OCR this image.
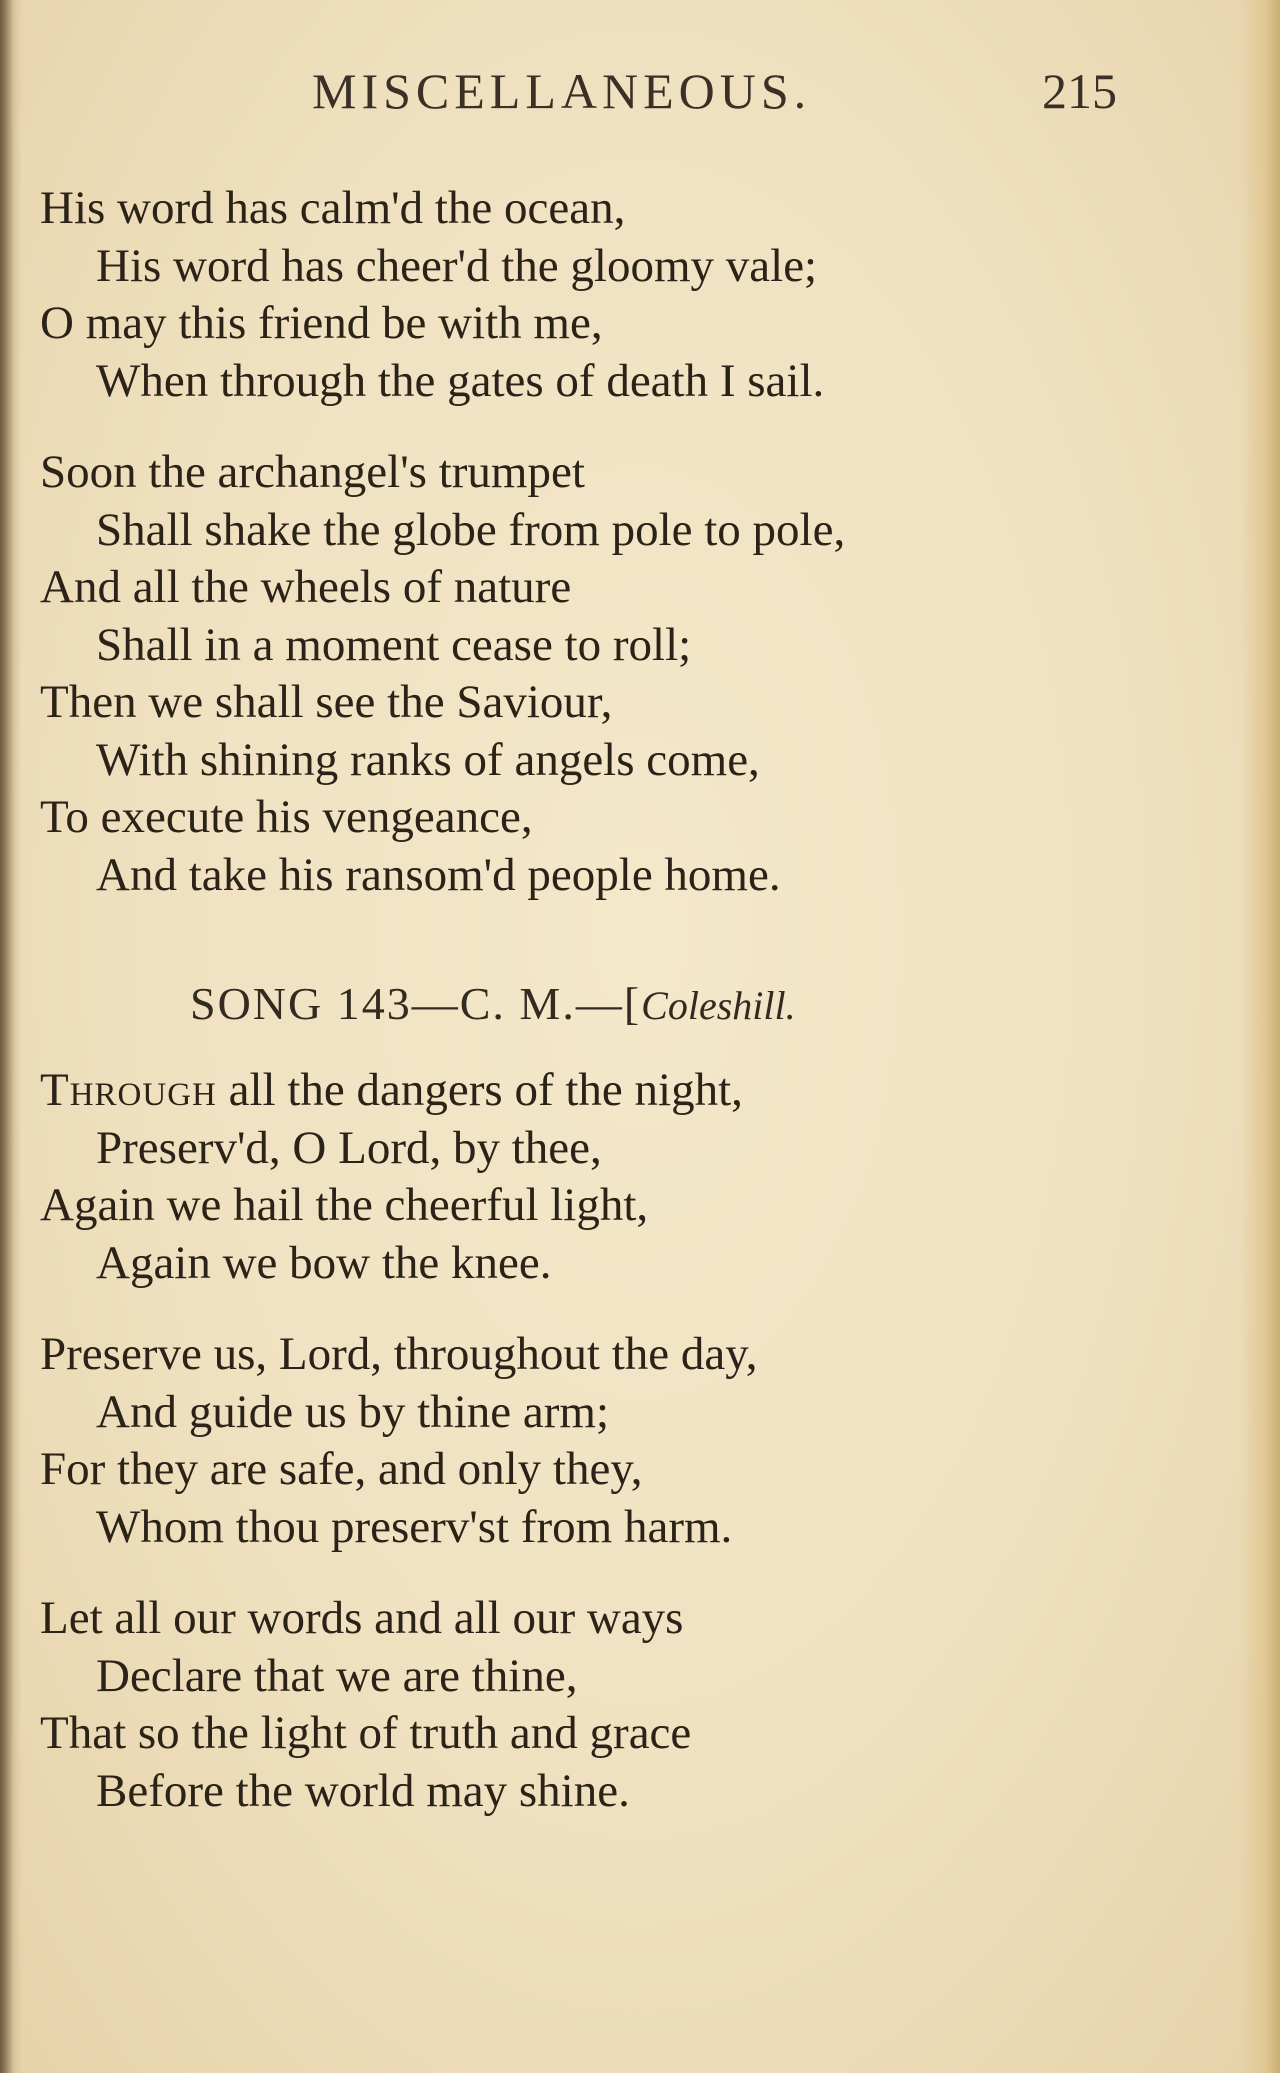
MISCELLANEOUS.	215
His word has calm'd the ocean,
His word has cheer'd the gloomy vale;
O may this friend be with me,
When through the gates of death I sail.
Soon the archangel's trumpet
Shall shake the globe from pole to pole,
And all the wheels of nature
Shall in a moment cease to roll;
Then we shall see the Saviour,
With shining ranks of angels come,
To execute his vengeance,
And take his ransom'd people home.
SONG 143—C. M.—[Coleshill.
Through all the dangers of the night,
Preserv'd, O Lord, by thee,
Again we hail the cheerful light,
Again we bow the knee.
Preserve us, Lord, throughout the day,
And guide us by thine arm;
For they are safe, and only they,
Whom thou preserv'st from harm.
Let all our words and all our ways
Declare that we are thine,
That so the light of truth and grace
Before the world may shine.
